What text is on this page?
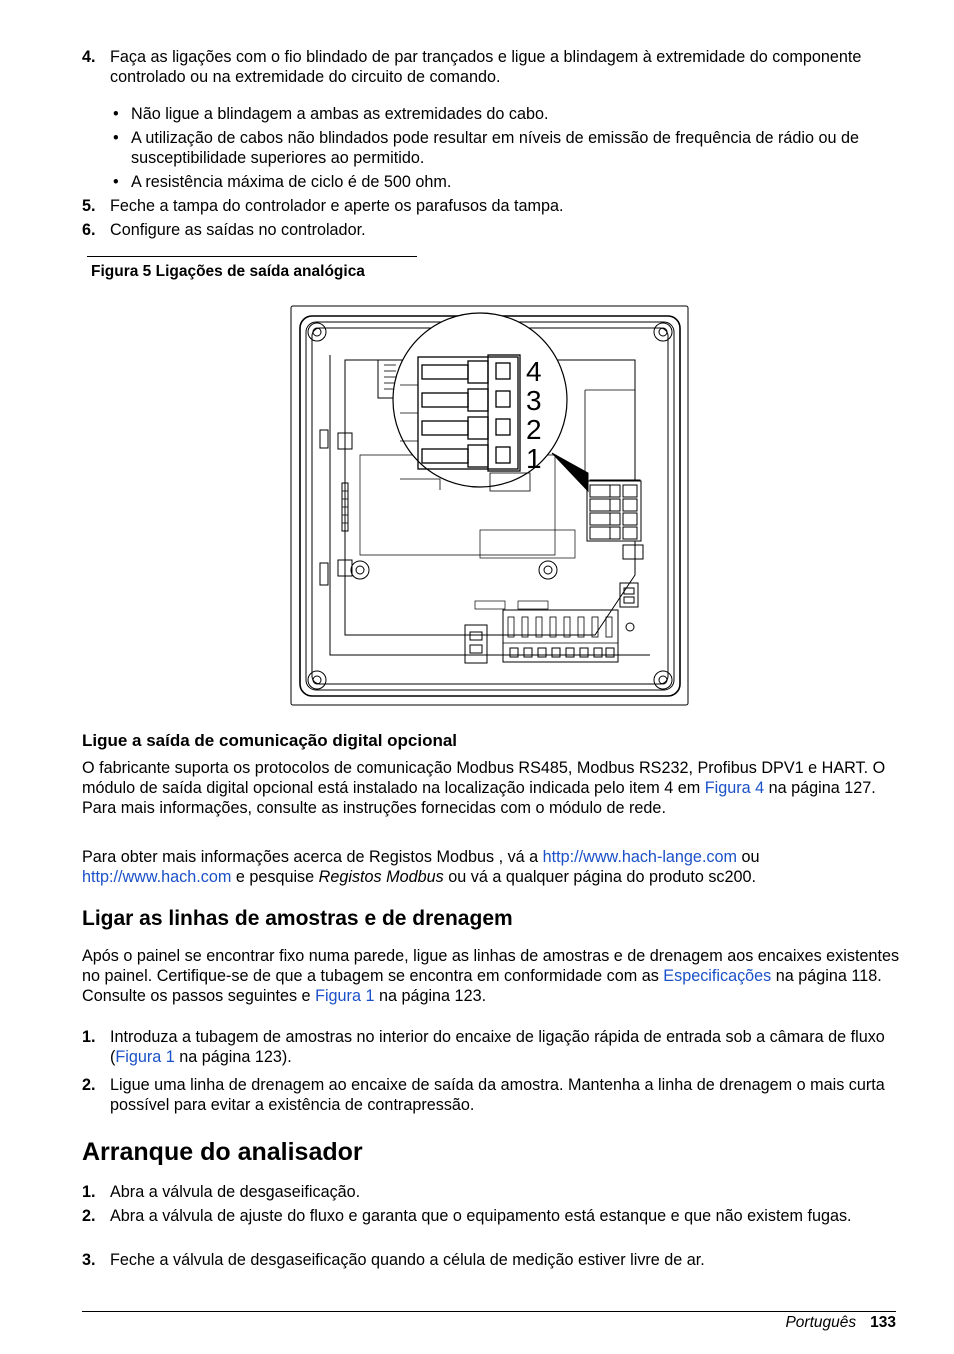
4. Faça as ligações com o fio blindado de par trançados e ligue a blindagem à extremidade do componente controlado ou na extremidade do circuito de comando.
• Não ligue a blindagem a ambas as extremidades do cabo.
• A utilização de cabos não blindados pode resultar em níveis de emissão de frequência de rádio ou de susceptibilidade superiores ao permitido.
• A resistência máxima de ciclo é de 500 ohm.
5. Feche a tampa do controlador e aperte os parafusos da tampa.
6. Configure as saídas no controlador.
Figura 5 Ligações de saída analógica
4
3
2
1
Ligue a saída de comunicação digital opcional
O fabricante suporta os protocolos de comunicação Modbus RS485, Modbus RS232, Profibus DPV1 e HART. O módulo de saída digital opcional está instalado na localização indicada pelo item 4 em Figura 4 na página 127. Para mais informações, consulte as instruções fornecidas com o módulo de rede.
Para obter mais informações acerca de Registos Modbus , vá a http://www.hach-lange.com ou http://www.hach.com e pesquise Registos Modbus ou vá a qualquer página do produto sc200.
Ligar as linhas de amostras e de drenagem
Após o painel se encontrar fixo numa parede, ligue as linhas de amostras e de drenagem aos encaixes existentes no painel. Certifique-se de que a tubagem se encontra em conformidade com as Especificações na página 118. Consulte os passos seguintes e Figura 1 na página 123.
1. Introduza a tubagem de amostras no interior do encaixe de ligação rápida de entrada sob a câmara de fluxo (Figura 1 na página 123).
2. Ligue uma linha de drenagem ao encaixe de saída da amostra. Mantenha a linha de drenagem o mais curta possível para evitar a existência de contrapressão.
Arranque do analisador
1. Abra a válvula de desgaseificação.
2. Abra a válvula de ajuste do fluxo e garanta que o equipamento está estanque e que não existem fugas.
3. Feche a válvula de desgaseificação quando a célula de medição estiver livre de ar.
Português 133
